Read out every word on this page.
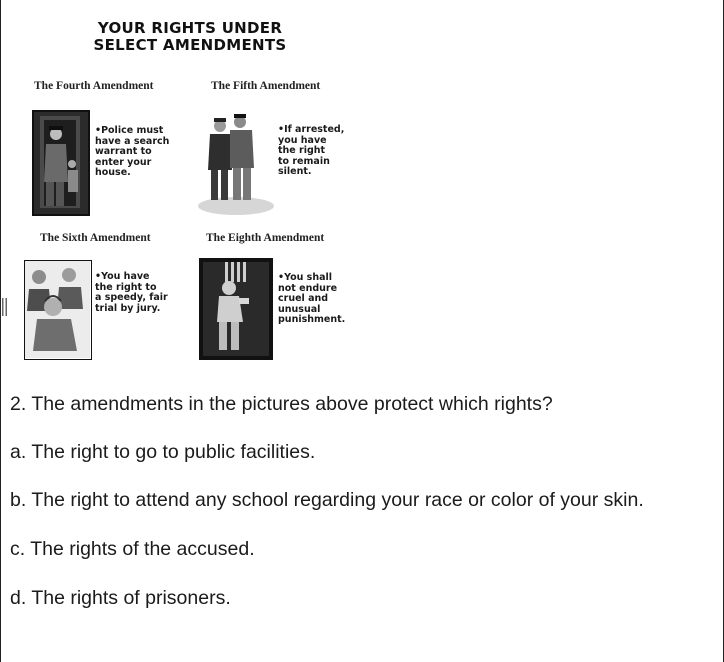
YOUR RIGHTS UNDER
SELECT AMENDMENTS
The Fourth Amendment
•Police must
have a search
warrant to
enter your
house.
The Fifth Amendment
•If arrested,
you have
the right
to remain
silent.
The Sixth Amendment
•You have
the right to
a speedy, fair
trial by jury.
The Eighth Amendment
•You shall
not endure
cruel and
unusual
punishment.
2. The amendments in the pictures above protect which rights?
a. The right to go to public facilities.
b. The right to attend any school regarding your race or color of your skin.
c. The rights of the accused.
d. The rights of prisoners.
